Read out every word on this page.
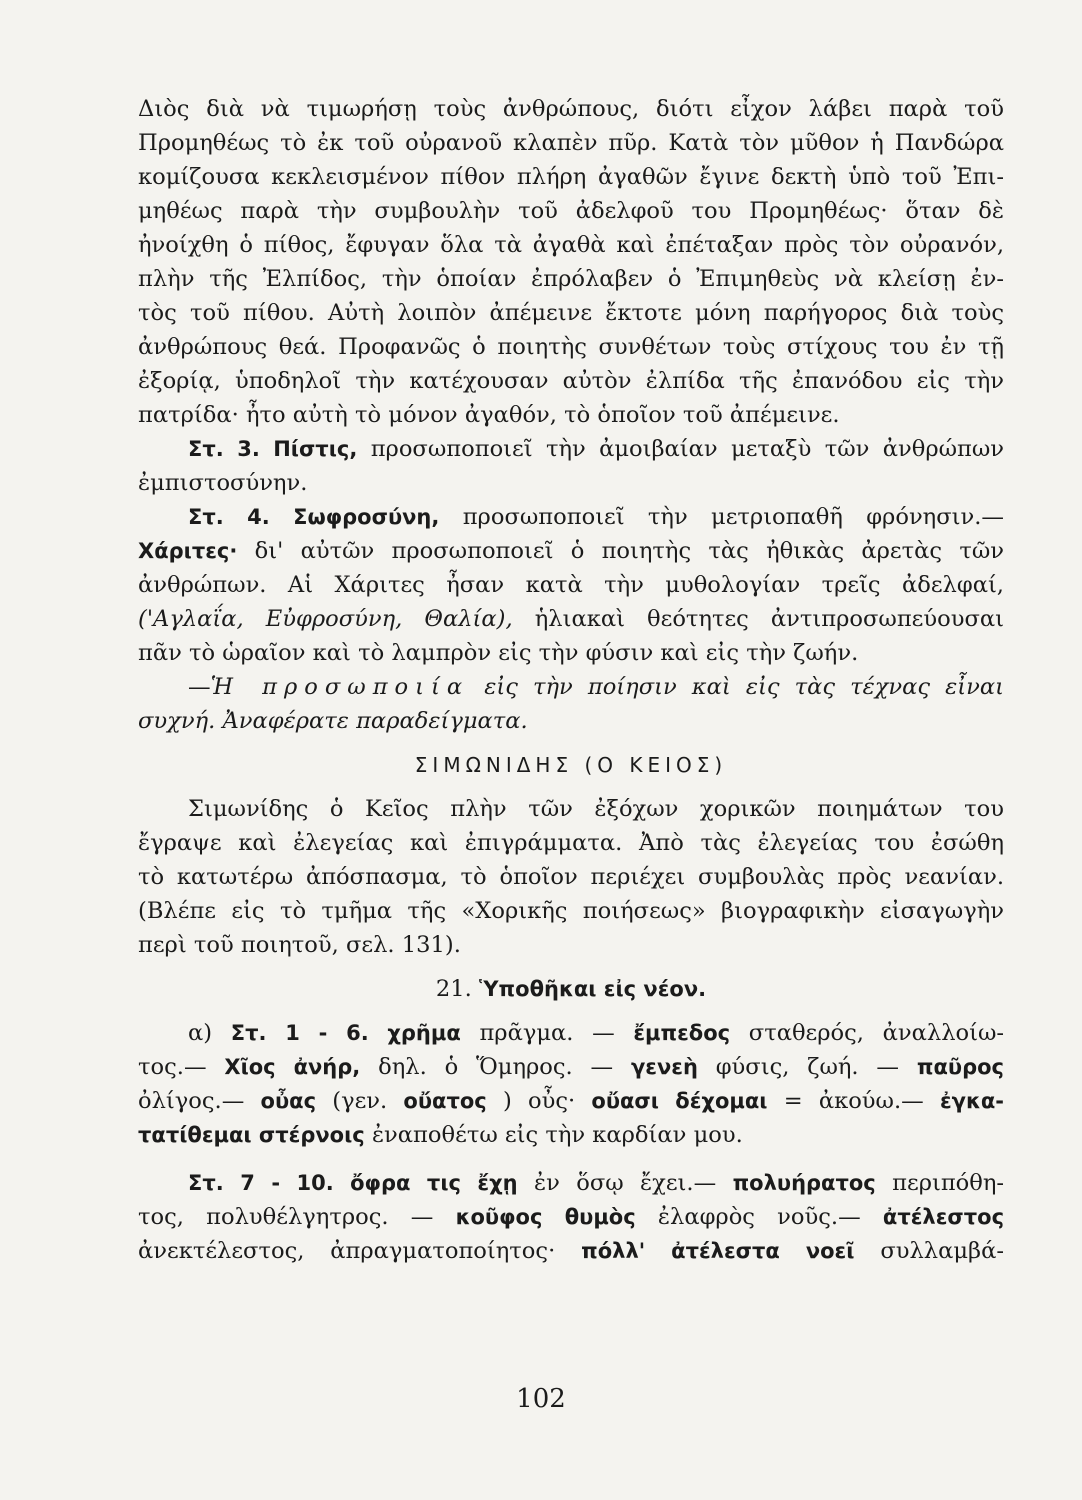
Διὸς διὰ νὰ τιμωρήσῃ τοὺς ἀνθρώπους, διότι εἶχον λάβει παρὰ τοῦ
Προμηθέως τὸ ἐκ τοῦ οὐρανοῦ κλαπὲν πῦρ. Κατὰ τὸν μῦθον ἡ Πανδώρα
κομίζουσα κεκλεισμένον πίθον πλήρη ἀγαθῶν ἔγινε δεκτὴ ὑπὸ τοῦ Ἐπι-
μηθέως παρὰ τὴν συμβουλὴν τοῦ ἀδελφοῦ του Προμηθέως· ὅταν δὲ
ἠνοίχθη ὁ πίθος, ἔφυγαν ὅλα τὰ ἀγαθὰ καὶ ἐπέταξαν πρὸς τὸν οὐρανόν,
πλὴν τῆς Ἐλπίδος, τὴν ὁποίαν ἐπρόλαβεν ὁ Ἐπιμηθεὺς νὰ κλείσῃ ἐν-
τὸς τοῦ πίθου. Αὐτὴ λοιπὸν ἀπέμεινε ἔκτοτε μόνη παρήγορος διὰ τοὺς
ἀνθρώπους θεά. Προφανῶς ὁ ποιητὴς συνθέτων τοὺς στίχους του ἐν τῇ
ἐξορίᾳ, ὑποδηλοῖ τὴν κατέχουσαν αὐτὸν ἐλπίδα τῆς ἐπανόδου εἰς τὴν
πατρίδα· ἦτο αὐτὴ τὸ μόνον ἀγαθόν, τὸ ὁποῖον τοῦ ἀπέμεινε.
Στ. 3. Πίστις, προσωποποιεῖ τὴν ἀμοιβαίαν μεταξὺ τῶν ἀνθρώπων
ἐμπιστοσύνην.
Στ. 4. Σωφροσύνη, προσωποποιεῖ τὴν μετριοπαθῆ φρόνησιν.—
Χάριτες· δι' αὐτῶν προσωποποιεῖ ὁ ποιητὴς τὰς ἠθικὰς ἀρετὰς τῶν
ἀνθρώπων. Αἱ Χάριτες ἦσαν κατὰ τὴν μυθολογίαν τρεῖς ἀδελφαί,
('Αγλαΐα, Εὐφροσύνη, Θαλία), ἡλιακαὶ θεότητες ἀντιπροσωπεύουσαι
πᾶν τὸ ὡραῖον καὶ τὸ λαμπρὸν εἰς τὴν φύσιν καὶ εἰς τὴν ζωήν.
—Ἡ προσωποιία εἰς τὴν ποίησιν καὶ εἰς τὰς τέχνας εἶναι
συχνή. Ἀναφέρατε παραδείγματα.
ΣΙΜΩΝΙΔΗΣ (Ο ΚΕΙΟΣ)
Σιμωνίδης ὁ Κεῖος πλὴν τῶν ἐξόχων χορικῶν ποιημάτων του
ἔγραψε καὶ ἐλεγείας καὶ ἐπιγράμματα. Ἀπὸ τὰς ἐλεγείας του ἐσώθη
τὸ κατωτέρω ἀπόσπασμα, τὸ ὁποῖον περιέχει συμβουλὰς πρὸς νεανίαν.
(Βλέπε εἰς τὸ τμῆμα τῆς «Χορικῆς ποιήσεως» βιογραφικὴν εἰσαγωγὴν
περὶ τοῦ ποιητοῦ, σελ. 131).
21. Ὑποθῆκαι εἰς νέον.
α) Στ. 1 - 6. χρῆμα πρᾶγμα. — ἔμπεδος σταθερός, ἀναλλοίω-
τος.— Χῖος ἀνήρ, δηλ. ὁ Ὅμηρος. — γενεὴ φύσις, ζωή. — παῦρος
ὀλίγος.— οὖας (γεν. οὔατος ) οὖς· οὔασι δέχομαι = ἀκούω.— ἐγκα-
τατίθεμαι στέρνοις ἐναποθέτω εἰς τὴν καρδίαν μου.
Στ. 7 - 10. ὄφρα τις ἔχῃ ἐν ὅσῳ ἔχει.— πολυήρατος περιπόθη-
τος, πολυθέλγητρος. — κοῦφος θυμὸς ἐλαφρὸς νοῦς.— ἀτέλεστος
ἀνεκτέλεστος, ἀπραγματοποίητος· πόλλ' ἀτέλεστα νοεῖ συλλαμβά-
102
